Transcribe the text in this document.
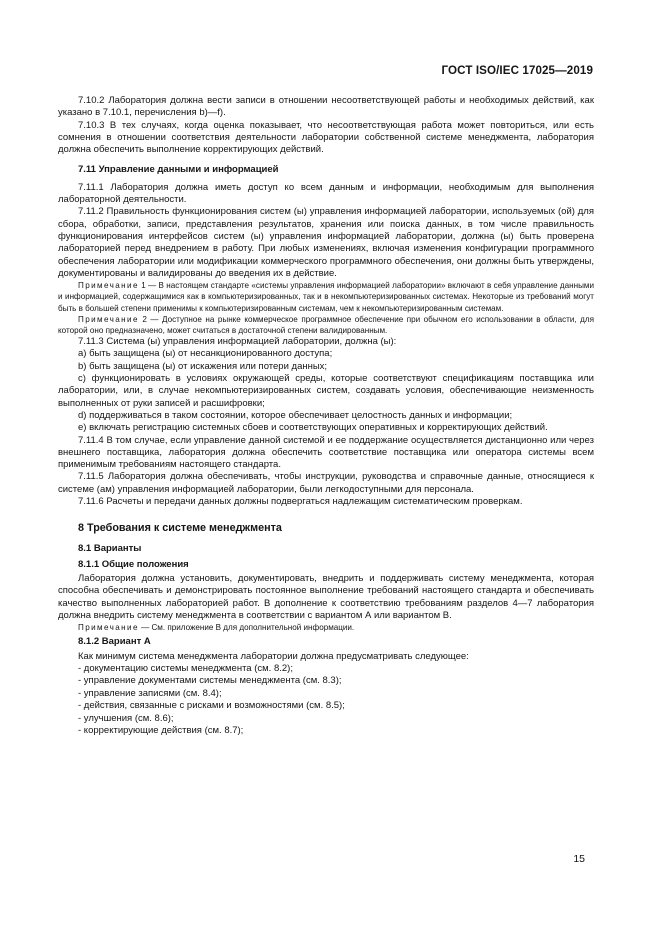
ГОСТ ISO/IEC 17025—2019

7.10.2 Лаборатория должна вести записи в отношении несоответствующей работы и необходимых действий, как указано в 7.10.1, перечисления b)—f).

7.10.3 В тех случаях, когда оценка показывает, что несоответствующая работа может повториться, или есть сомнения в отношении соответствия деятельности лаборатории собственной системе менеджмента, лаборатория должна обеспечить выполнение корректирующих действий.

7.11 Управление данными и информацией

7.11.1 Лаборатория должна иметь доступ ко всем данным и информации, необходимым для выполнения лабораторной деятельности.

7.11.2 Правильность функционирования систем (ы) управления информацией лаборатории, используемых (ой) для сбора, обработки, записи, представления результатов, хранения или поиска данных, в том числе правильность функционирования интерфейсов систем (ы) управления информацией лаборатории, должна (ы) быть проверена лабораторией перед внедрением в работу. При любых изменениях, включая изменения конфигурации программного обеспечения лаборатории или модификации коммерческого программного обеспечения, они должны быть утверждены, документированы и валидированы до введения их в действие.

Примечание 1 — В настоящем стандарте «системы управления информацией лаборатории» включают в себя управление данными и информацией, содержащимися как в компьютеризированных, так и в некомпьютеризированных системах. Некоторые из требований могут быть в большей степени применимы к компьютеризированным системам, чем к некомпьютеризированным системам.

Примечание 2 — Доступное на рынке коммерческое программное обеспечение при обычном его использовании в области, для которой оно предназначено, может считаться в достаточной степени валидированным.

7.11.3 Система (ы) управления информацией лаборатории, должна (ы):

a) быть защищена (ы) от несанкционированного доступа;

b) быть защищена (ы) от искажения или потери данных;

c) функционировать в условиях окружающей среды, которые соответствуют спецификациям поставщика или лаборатории, или, в случае некомпьютеризированных систем, создавать условия, обеспечивающие неизменность выполненных от руки записей и расшифровки;

d) поддерживаться в таком состоянии, которое обеспечивает целостность данных и информации;

e) включать регистрацию системных сбоев и соответствующих оперативных и корректирующих действий.

7.11.4 В том случае, если управление данной системой и ее поддержание осуществляется дистанционно или через внешнего поставщика, лаборатория должна обеспечить соответствие поставщика или оператора системы всем применимым требованиям настоящего стандарта.

7.11.5 Лаборатория должна обеспечивать, чтобы инструкции, руководства и справочные данные, относящиеся к системе (ам) управления информацией лаборатории, были легкодоступными для персонала.

7.11.6 Расчеты и передачи данных должны подвергаться надлежащим систематическим проверкам.

8 Требования к системе менеджмента

8.1 Варианты

8.1.1 Общие положения

Лаборатория должна установить, документировать, внедрить и поддерживать систему менеджмента, которая способна обеспечивать и демонстрировать постоянное выполнение требований настоящего стандарта и обеспечивать качество выполненных лабораторией работ. В дополнение к соответствию требованиям разделов 4—7 лаборатория должна внедрить систему менеджмента в соответствии с вариантом А или вариантом В.

Примечание — См. приложение В для дополнительной информации.

8.1.2 Вариант А

Как минимум система менеджмента лаборатории должна предусматривать следующее:

- документацию системы менеджмента (см. 8.2);

- управление документами системы менеджмента (см. 8.3);

- управление записями (см. 8.4);

- действия, связанные с рисками и возможностями (см. 8.5);

- улучшения (см. 8.6);

- корректирующие действия (см. 8.7);

15
